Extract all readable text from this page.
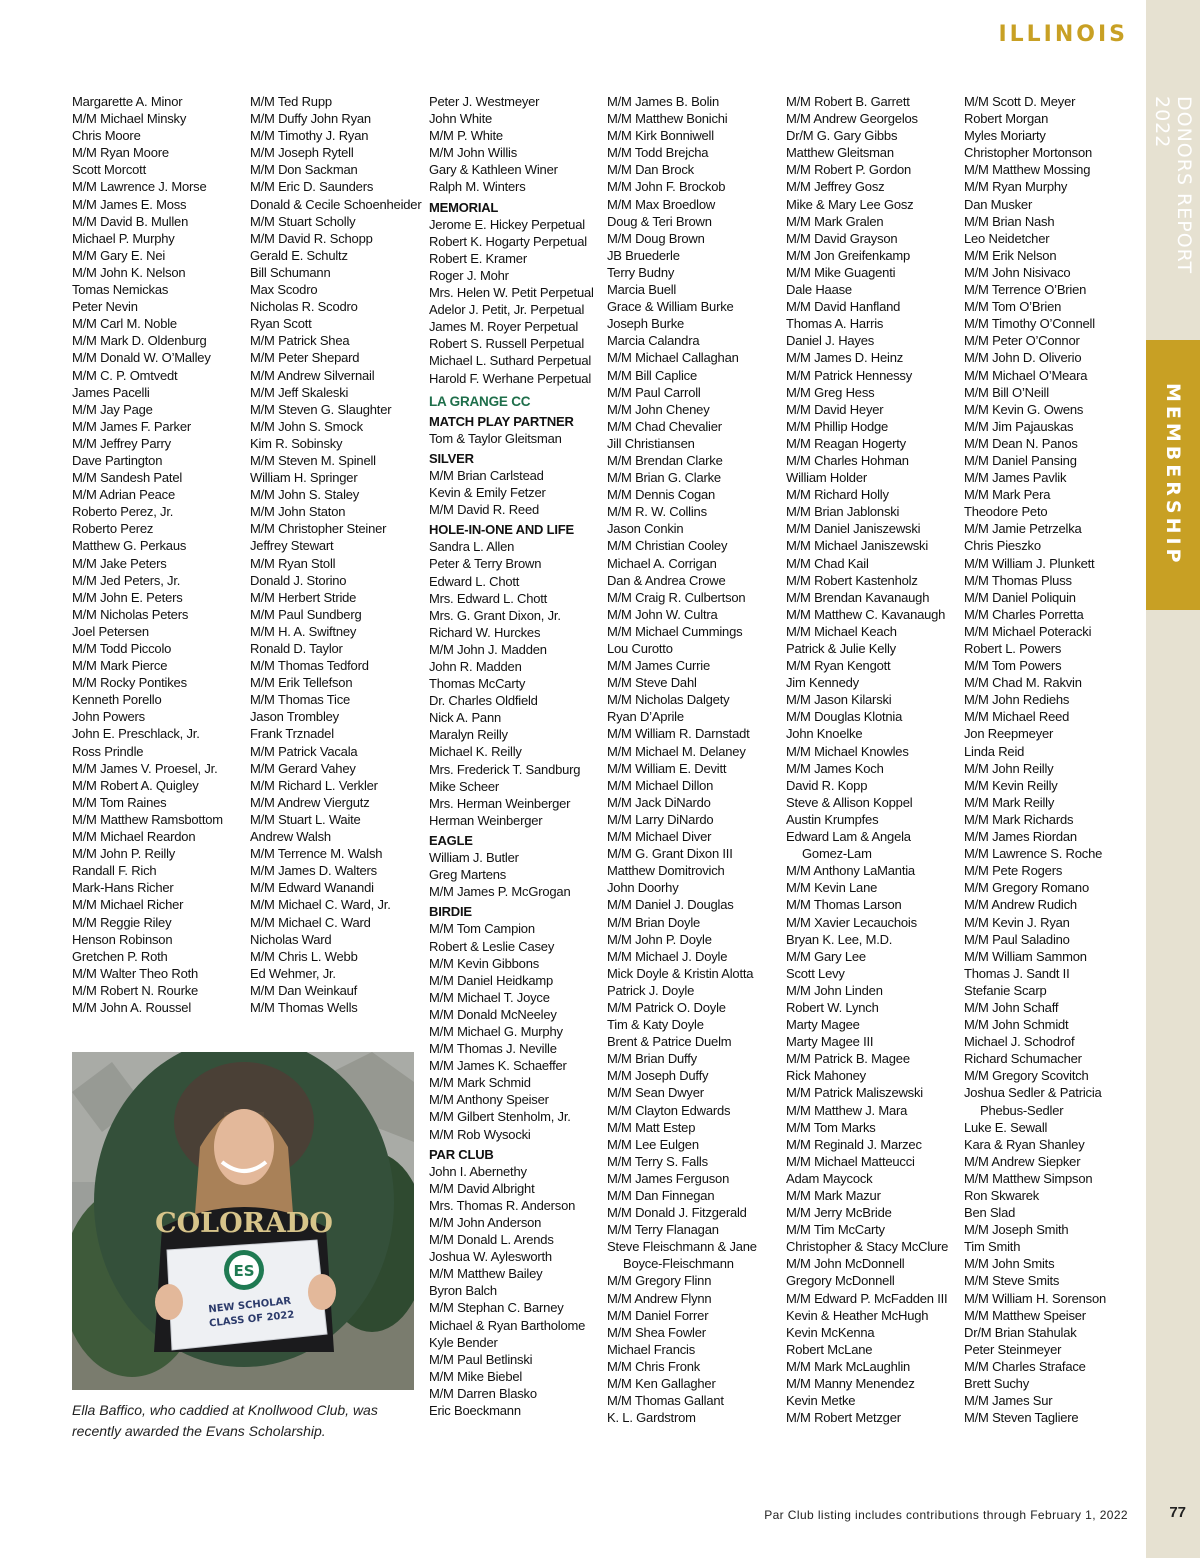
ILLINOIS
DONORS REPORT 2022
MEMBERSHIP
Margarette A. Minor
M/M Michael Minsky
Chris Moore
M/M Ryan Moore
Scott Morcott
M/M Lawrence J. Morse
M/M James E. Moss
M/M David B. Mullen
Michael P. Murphy
M/M Gary E. Nei
M/M John K. Nelson
Tomas Nemickas
Peter Nevin
M/M Carl M. Noble
M/M Mark D. Oldenburg
M/M Donald W. O’Malley
M/M C. P. Omtvedt
James Pacelli
M/M Jay Page
M/M James F. Parker
M/M Jeffrey Parry
Dave Partington
M/M Sandesh Patel
M/M Adrian Peace
Roberto Perez, Jr.
Roberto Perez
Matthew G. Perkaus
M/M Jake Peters
M/M Jed Peters, Jr.
M/M John E. Peters
M/M Nicholas Peters
Joel Petersen
M/M Todd Piccolo
M/M Mark Pierce
M/M Rocky Pontikes
Kenneth Porello
John Powers
John E. Preschlack, Jr.
Ross Prindle
M/M James V. Proesel, Jr.
M/M Robert A. Quigley
M/M Tom Raines
M/M Matthew Ramsbottom
M/M Michael Reardon
M/M John P. Reilly
Randall F. Rich
Mark-Hans Richer
M/M Michael Richer
M/M Reggie Riley
Henson Robinson
Gretchen P. Roth
M/M Walter Theo Roth
M/M Robert N. Rourke
M/M John A. Roussel
M/M Ted Rupp
M/M Duffy John Ryan
M/M Timothy J. Ryan
M/M Joseph Rytell
M/M Don Sackman
M/M Eric D. Saunders
Donald & Cecile Schoenheider
M/M Stuart Scholly
M/M David R. Schopp
Gerald E. Schultz
Bill Schumann
Max Scodro
Nicholas R. Scodro
Ryan Scott
M/M Patrick Shea
M/M Peter Shepard
M/M Andrew Silvernail
M/M Jeff Skaleski
M/M Steven G. Slaughter
M/M John S. Smock
Kim R. Sobinsky
M/M Steven M. Spinell
William H. Springer
M/M John S. Staley
M/M John Staton
M/M Christopher Steiner
Jeffrey Stewart
M/M Ryan Stoll
Donald J. Storino
M/M Herbert Stride
M/M Paul Sundberg
M/M H. A. Swiftney
Ronald D. Taylor
M/M Thomas Tedford
M/M Erik Tellefson
M/M Thomas Tice
Jason Trombley
Frank Trznadel
M/M Patrick Vacala
M/M Gerard Vahey
M/M Richard L. Verkler
M/M Andrew Viergutz
M/M Stuart L. Waite
Andrew Walsh
M/M Terrence M. Walsh
M/M James D. Walters
M/M Edward Wanandi
M/M Michael C. Ward, Jr.
M/M Michael C. Ward
Nicholas Ward
M/M Chris L. Webb
Ed Wehmer, Jr.
M/M Dan Weinkauf
M/M Thomas Wells
Peter J. Westmeyer
John White
M/M P. White
M/M John Willis
Gary & Kathleen Winer
Ralph M. Winters
MEMORIAL
Jerome E. Hickey Perpetual
Robert K. Hogarty Perpetual
Robert E. Kramer
Roger J. Mohr
Mrs. Helen W. Petit Perpetual
Adelor J. Petit, Jr. Perpetual
James M. Royer Perpetual
Robert S. Russell Perpetual
Michael L. Suthard Perpetual
Harold F. Werhane Perpetual
LA GRANGE CC
MATCH PLAY PARTNER
Tom & Taylor Gleitsman
SILVER
M/M Brian Carlstead
Kevin & Emily Fetzer
M/M David R. Reed
HOLE-IN-ONE AND LIFE
Sandra L. Allen
Peter & Terry Brown
Edward L. Chott
Mrs. Edward L. Chott
Mrs. G. Grant Dixon, Jr.
Richard W. Hurckes
M/M John J. Madden
John R. Madden
Thomas McCarty
Dr. Charles Oldfield
Nick A. Pann
Maralyn Reilly
Michael K. Reilly
Mrs. Frederick T. Sandburg
Mike Scheer
Mrs. Herman Weinberger
Herman Weinberger
EAGLE
William J. Butler
Greg Martens
M/M James P. McGrogan
BIRDIE
M/M Tom Campion
Robert & Leslie Casey
M/M Kevin Gibbons
M/M Daniel Heidkamp
M/M Michael T. Joyce
M/M Donald McNeeley
M/M Michael G. Murphy
M/M Thomas J. Neville
M/M James K. Schaeffer
M/M Mark Schmid
M/M Anthony Speiser
M/M Gilbert Stenholm, Jr.
M/M Rob Wysocki
PAR CLUB
John I. Abernethy
M/M David Albright
Mrs. Thomas R. Anderson
M/M John Anderson
M/M Donald L. Arends
Joshua W. Aylesworth
M/M Matthew Bailey
Byron Balch
M/M Stephan C. Barney
Michael & Ryan Bartholome
Kyle Bender
M/M Paul Betlinski
M/M Mike Biebel
M/M Darren Blasko
Eric Boeckmann
M/M James B. Bolin
M/M Matthew Bonichi
M/M Kirk Bonniwell
M/M Todd Brejcha
M/M Dan Brock
M/M John F. Brockob
M/M Max Broedlow
Doug & Teri Brown
M/M Doug Brown
JB Bruederle
Terry Budny
Marcia Buell
Grace & William Burke
Joseph Burke
Marcia Calandra
M/M Michael Callaghan
M/M Bill Caplice
M/M Paul Carroll
M/M John Cheney
M/M Chad Chevalier
Jill Christiansen
M/M Brendan Clarke
M/M Brian G. Clarke
M/M Dennis Cogan
M/M R. W. Collins
Jason Conkin
M/M Christian Cooley
Michael A. Corrigan
Dan & Andrea Crowe
M/M Craig R. Culbertson
M/M John W. Cultra
M/M Michael Cummings
Lou Curotto
M/M James Currie
M/M Steve Dahl
M/M Nicholas Dalgety
Ryan D’Aprile
M/M William R. Darnstadt
M/M Michael M. Delaney
M/M William E. Devitt
M/M Michael Dillon
M/M Jack DiNardo
M/M Larry DiNardo
M/M Michael Diver
M/M G. Grant Dixon III
Matthew Domitrovich
John Doorhy
M/M Daniel J. Douglas
M/M Brian Doyle
M/M John P. Doyle
M/M Michael J. Doyle
Mick Doyle & Kristin Alotta
Patrick J. Doyle
M/M Patrick O. Doyle
Tim & Katy Doyle
Brent & Patrice Duelm
M/M Brian Duffy
M/M Joseph Duffy
M/M Sean Dwyer
M/M Clayton Edwards
M/M Matt Estep
M/M Lee Eulgen
M/M Terry S. Falls
M/M James Ferguson
M/M Dan Finnegan
M/M Donald J. Fitzgerald
M/M Terry Flanagan
Steve Fleischmann & Jane
Boyce-Fleischmann
M/M Gregory Flinn
M/M Andrew Flynn
M/M Daniel Forrer
M/M Shea Fowler
Michael Francis
M/M Chris Fronk
M/M Ken Gallagher
M/M Thomas Gallant
K. L. Gardstrom
M/M Robert B. Garrett
M/M Andrew Georgelos
Dr/M G. Gary Gibbs
Matthew Gleitsman
M/M Robert P. Gordon
M/M Jeffrey Gosz
Mike & Mary Lee Gosz
M/M Mark Gralen
M/M David Grayson
M/M Jon Greifenkamp
M/M Mike Guagenti
Dale Haase
M/M David Hanfland
Thomas A. Harris
Daniel J. Hayes
M/M James D. Heinz
M/M Patrick Hennessy
M/M Greg Hess
M/M David Heyer
M/M Phillip Hodge
M/M Reagan Hogerty
M/M Charles Hohman
William Holder
M/M Richard Holly
M/M Brian Jablonski
M/M Daniel Janiszewski
M/M Michael Janiszewski
M/M Chad Kail
M/M Robert Kastenholz
M/M Brendan Kavanaugh
M/M Matthew C. Kavanaugh
M/M Michael Keach
Patrick & Julie Kelly
M/M Ryan Kengott
Jim Kennedy
M/M Jason Kilarski
M/M Douglas Klotnia
John Knoelke
M/M Michael Knowles
M/M James Koch
David R. Kopp
Steve & Allison Koppel
Austin Krumpfes
Edward Lam & Angela
Gomez-Lam
M/M Anthony LaMantia
M/M Kevin Lane
M/M Thomas Larson
M/M Xavier Lecauchois
Bryan K. Lee, M.D.
M/M Gary Lee
Scott Levy
M/M John Linden
Robert W. Lynch
Marty Magee
Marty Magee III
M/M Patrick B. Magee
Rick Mahoney
M/M Patrick Maliszewski
M/M Matthew J. Mara
M/M Tom Marks
M/M Reginald J. Marzec
M/M Michael Matteucci
Adam Maycock
M/M Mark Mazur
M/M Jerry McBride
M/M Tim McCarty
Christopher & Stacy McClure
M/M John McDonnell
Gregory McDonnell
M/M Edward P. McFadden III
Kevin & Heather McHugh
Kevin McKenna
Robert McLane
M/M Mark McLaughlin
M/M Manny Menendez
Kevin Metke
M/M Robert Metzger
M/M Scott D. Meyer
Robert Morgan
Myles Moriarty
Christopher Mortonson
M/M Matthew Mossing
M/M Ryan Murphy
Dan Musker
M/M Brian Nash
Leo Neidetcher
M/M Erik Nelson
M/M John Nisivaco
M/M Terrence O’Brien
M/M Tom O’Brien
M/M Timothy O’Connell
M/M Peter O’Connor
M/M John D. Oliverio
M/M Michael O’Meara
M/M Bill O’Neill
M/M Kevin G. Owens
M/M Jim Pajauskas
M/M Dean N. Panos
M/M Daniel Pansing
M/M James Pavlik
M/M Mark Pera
Theodore Peto
M/M Jamie Petrzelka
Chris Pieszko
M/M William J. Plunkett
M/M Thomas Pluss
M/M Daniel Poliquin
M/M Charles Porretta
M/M Michael Poteracki
Robert L. Powers
M/M Tom Powers
M/M Chad M. Rakvin
M/M John Rediehs
M/M Michael Reed
Jon Reepmeyer
Linda Reid
M/M John Reilly
M/M Kevin Reilly
M/M Mark Reilly
M/M Mark Richards
M/M James Riordan
M/M Lawrence S. Roche
M/M Pete Rogers
M/M Gregory Romano
M/M Andrew Rudich
M/M Kevin J. Ryan
M/M Paul Saladino
M/M William Sammon
Thomas J. Sandt II
Stefanie Scarp
M/M John Schaff
M/M John Schmidt
Michael J. Schodrof
Richard Schumacher
M/M Gregory Scovitch
Joshua Sedler & Patricia
Phebus-Sedler
Luke E. Sewall
Kara & Ryan Shanley
M/M Andrew Siepker
M/M Matthew Simpson
Ron Skwarek
Ben Slad
M/M Joseph Smith
Tim Smith
M/M John Smits
M/M Steve Smits
M/M William H. Sorenson
M/M Matthew Speiser
Dr/M Brian Stahulak
Peter Steinmeyer
M/M Charles Straface
Brett Suchy
M/M James Sur
M/M Steven Tagliere
COLORADO
ES
NEW SCHOLAR
CLASS OF 2022
Ella Baffico, who caddied at Knollwood Club, was recently awarded the Evans Scholarship.
Par Club listing includes contributions through February 1, 2022	77
